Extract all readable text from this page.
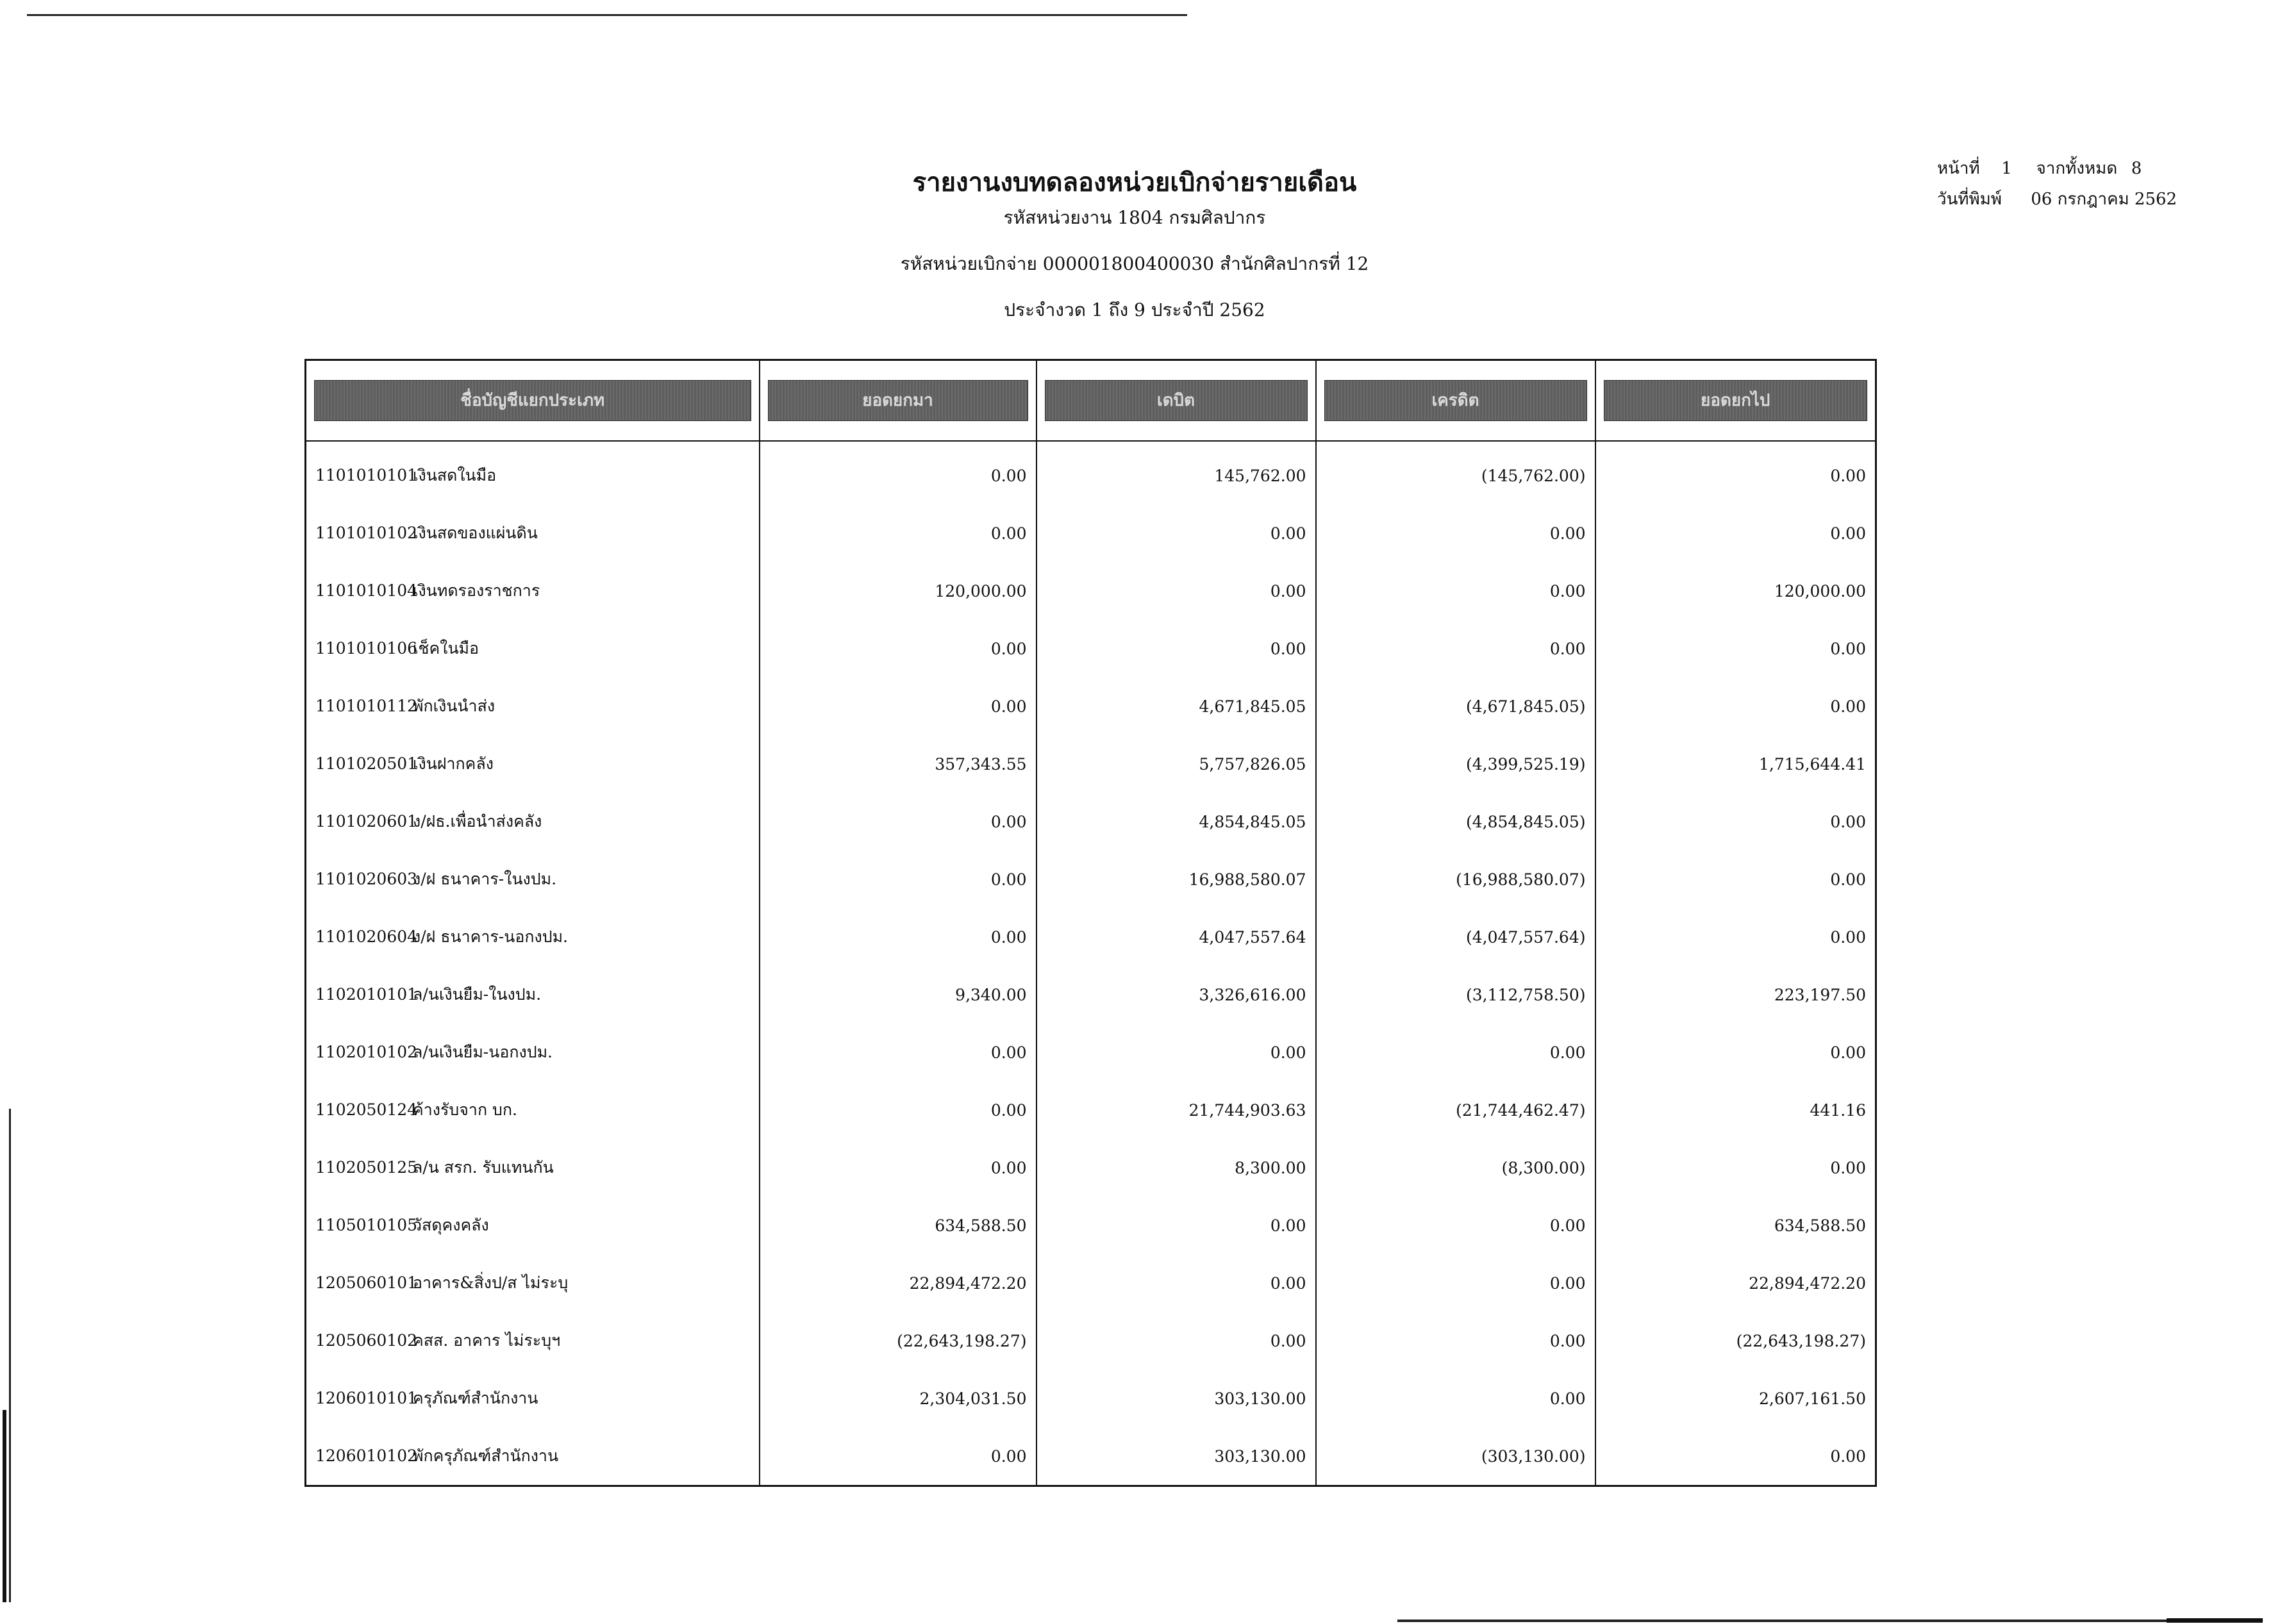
รายงานงบทดลองหน่วยเบิกจ่ายรายเดือน
รหัสหน่วยงาน 1804 กรมศิลปากร
รหัสหน่วยเบิกจ่าย 000001800400030 สำนักศิลปากรที่ 12
ประจำงวด 1 ถึง 9 ประจำปี 2562
หน้าที่ 1 จากทั้งหมด 8
วันที่พิมพ์ 06 กรกฎาคม 2562
ชื่อบัญชีแยกประเภท	ยอดยกมา	เดบิต	เครดิต	ยอดยกไป

1101010101เงินสดในมือ	0.00	145,762.00	(145,762.00)	0.00
1101010102เงินสดของแผ่นดิน	0.00	0.00	0.00	0.00
1101010104เงินทดรองราชการ	120,000.00	0.00	0.00	120,000.00
1101010106เช็คในมือ	0.00	0.00	0.00	0.00
1101010112พักเงินนำส่ง	0.00	4,671,845.05	(4,671,845.05)	0.00
1101020501เงินฝากคลัง	357,343.55	5,757,826.05	(4,399,525.19)	1,715,644.41
1101020601ง/ฝธ.เพื่อนำส่งคลัง	0.00	4,854,845.05	(4,854,845.05)	0.00
1101020603ง/ฝ ธนาคาร-ในงปม.	0.00	16,988,580.07	(16,988,580.07)	0.00
1101020604ง/ฝ ธนาคาร-นอกงปม.	0.00	4,047,557.64	(4,047,557.64)	0.00
1102010101ล/นเงินยืม-ในงปม.	9,340.00	3,326,616.00	(3,112,758.50)	223,197.50
1102010102ล/นเงินยืม-นอกงปม.	0.00	0.00	0.00	0.00
1102050124ค้างรับจาก บก.	0.00	21,744,903.63	(21,744,462.47)	441.16
1102050125ล/น สรก. รับแทนกัน	0.00	8,300.00	(8,300.00)	0.00
1105010105วัสดุคงคลัง	634,588.50	0.00	0.00	634,588.50
1205060101อาคาร&สิ่งป/ส ไม่ระบุ	22,894,472.20	0.00	0.00	22,894,472.20
1205060102คสส. อาคาร ไม่ระบุฯ	(22,643,198.27)	0.00	0.00	(22,643,198.27)
1206010101ครุภัณฑ์สำนักงาน	2,304,031.50	303,130.00	0.00	2,607,161.50
1206010102พักครุภัณฑ์สำนักงาน	0.00	303,130.00	(303,130.00)	0.00
